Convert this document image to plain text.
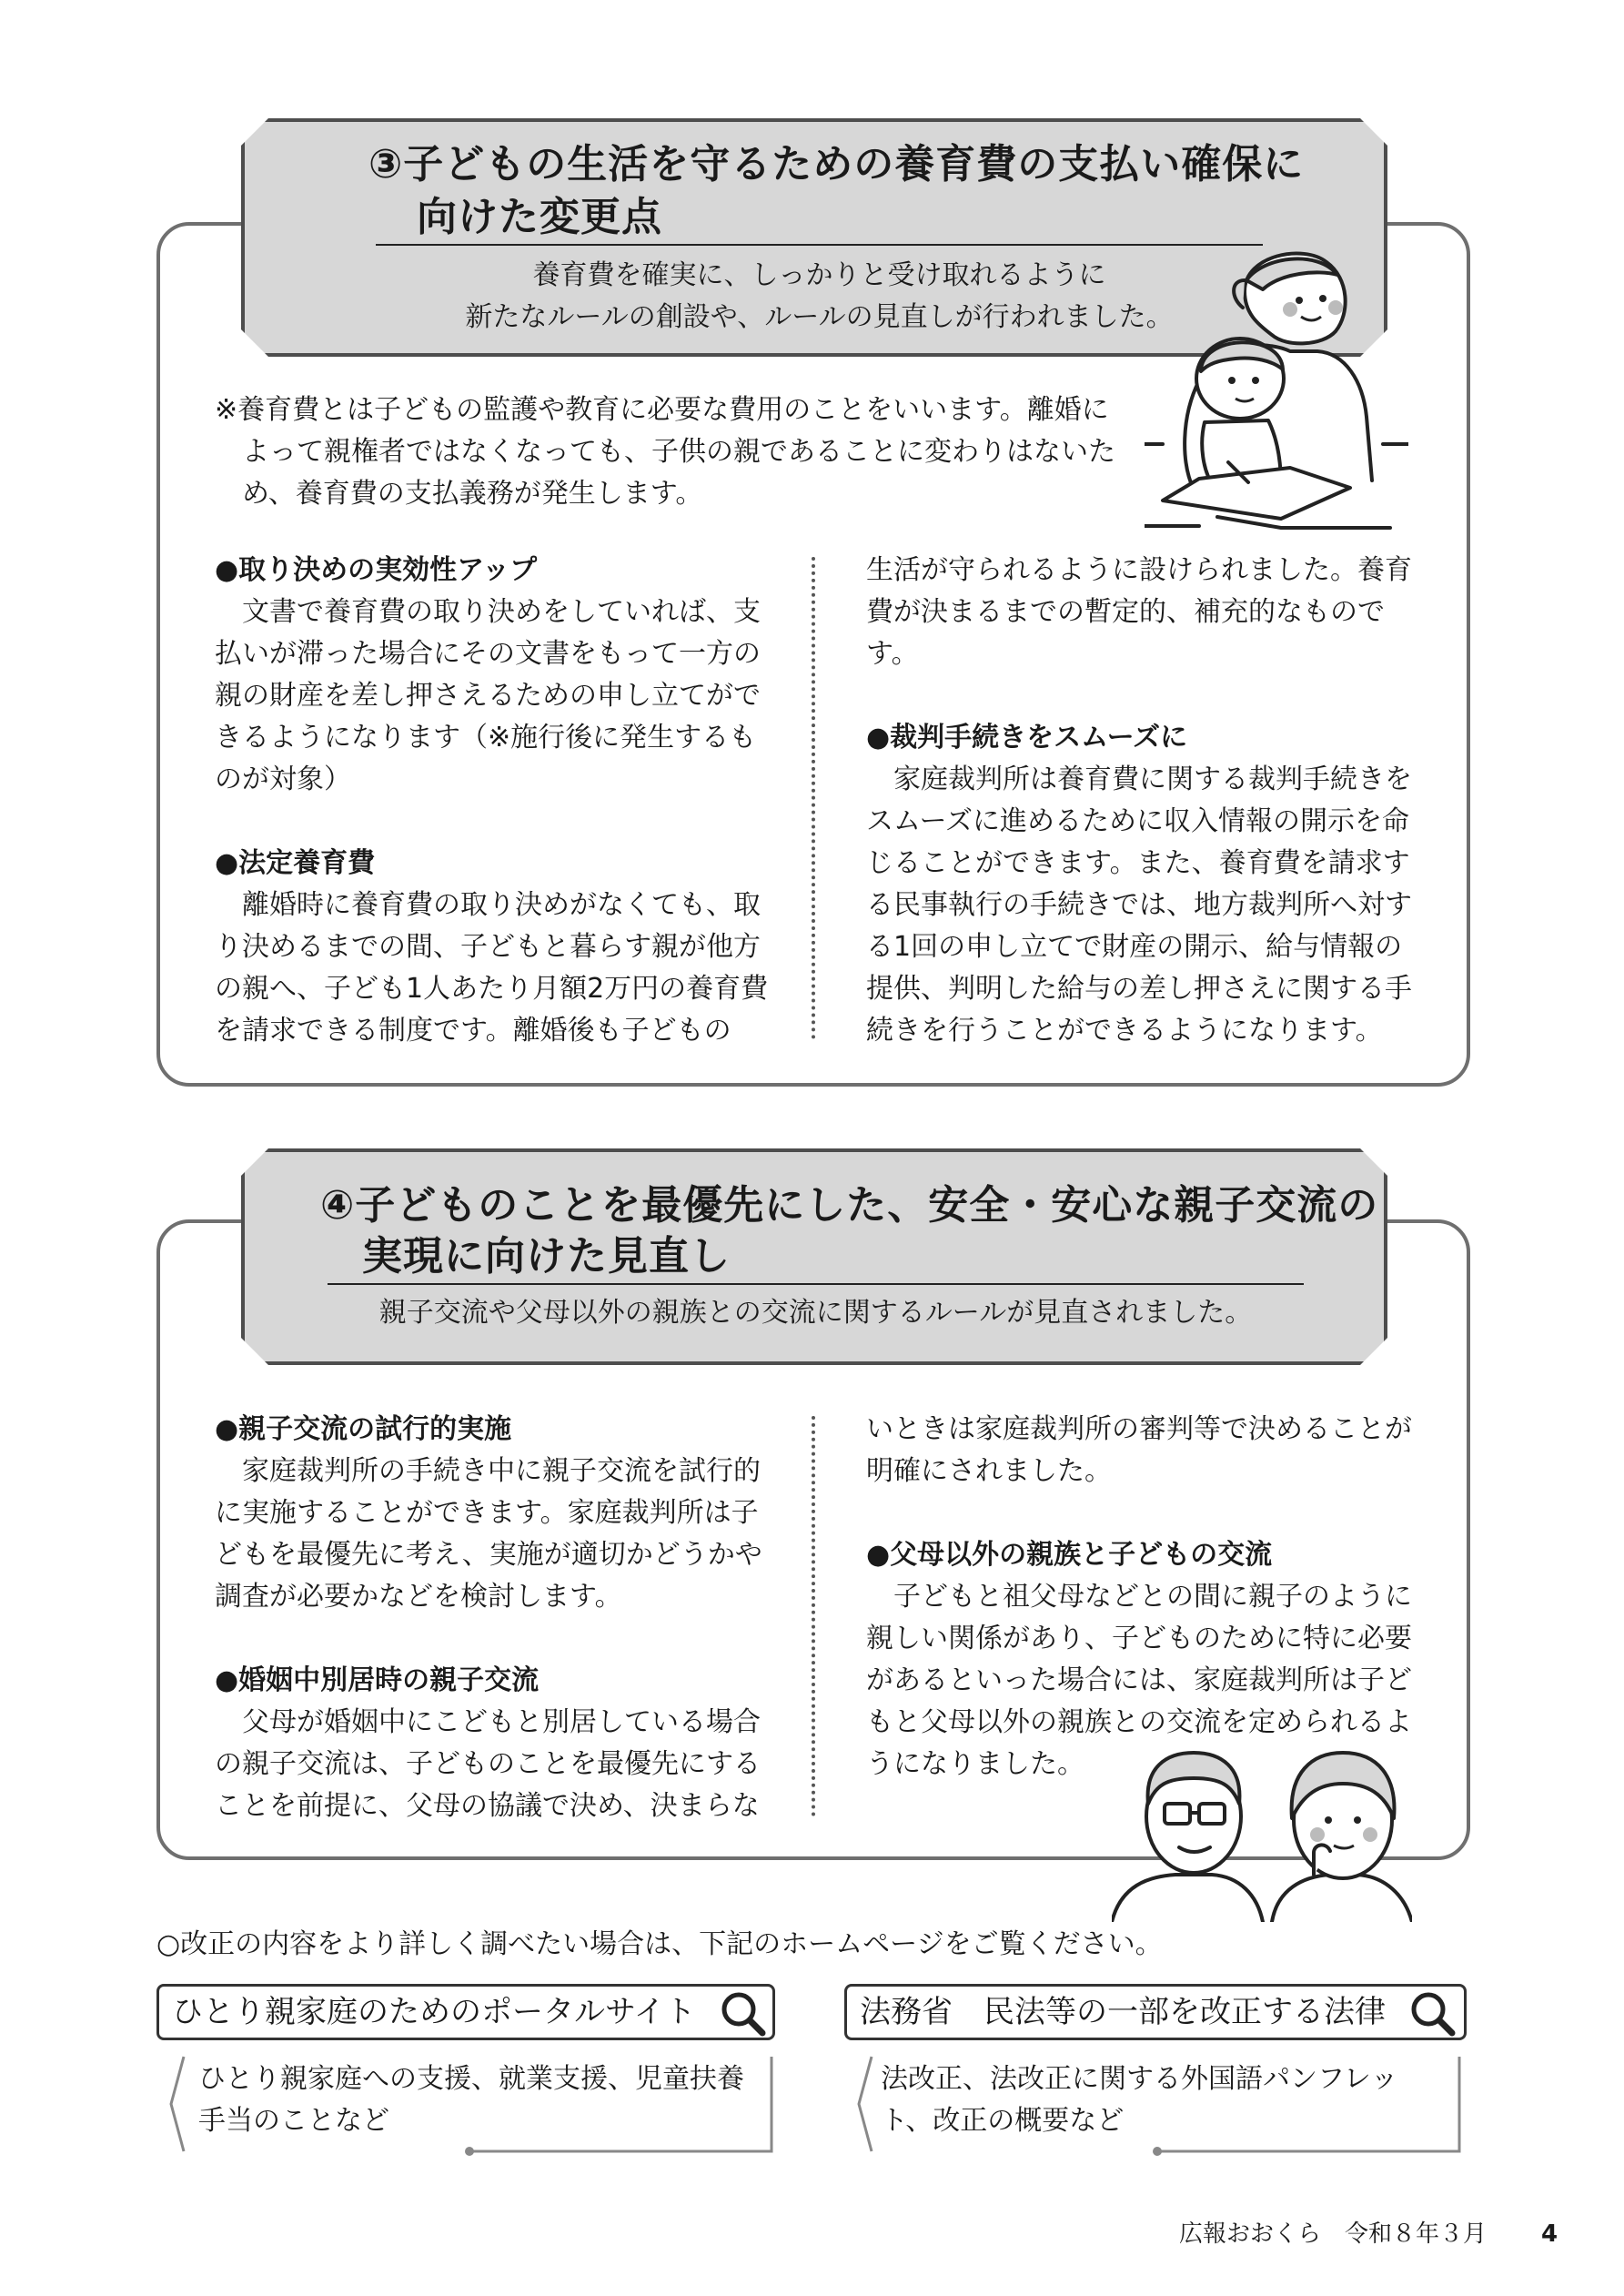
③子どもの生活を守るための養育費の支払い確保に
向けた変更点
養育費を確実に、しっかりと受け取れるように
新たなルールの創設や、ルールの見直しが行われました。
※養育費とは子どもの監護や教育に必要な費用のことをいいます。離婚に
よって親権者ではなくなっても、子供の親であることに変わりはないた
め、養育費の支払義務が発生します。
●取り決めの実効性アップ

文書で養育費の取り決めをしていれば、支払いが滞った場合にその文書をもって一方の親の財産を差し押さえるための申し立てができるようになります（※施行後に発生するものが対象）

●法定養育費

離婚時に養育費の取り決めがなくても、取り決めるまでの間、子どもと暮らす親が他方の親へ、子ども1人あたり月額2万円の養育費を請求できる制度です。離婚後も子どもの

生活が守られるように設けられました。養育費が決まるまでの暫定的、補充的なものです。

●裁判手続きをスムーズに

家庭裁判所は養育費に関する裁判手続きをスムーズに進めるために収入情報の開示を命じることができます。また、養育費を請求する民事執行の手続きでは、地方裁判所へ対する1回の申し立てで財産の開示、給与情報の提供、判明した給与の差し押さえに関する手続きを行うことができるようになります。

④子どものことを最優先にした、安全・安心な親子交流の
実現に向けた見直し
親子交流や父母以外の親族との交流に関するルールが見直されました。
●親子交流の試行的実施

家庭裁判所の手続き中に親子交流を試行的に実施することができます。家庭裁判所は子どもを最優先に考え、実施が適切かどうかや調査が必要かなどを検討します。

●婚姻中別居時の親子交流

父母が婚姻中にこどもと別居している場合の親子交流は、子どものことを最優先にすることを前提に、父母の協議で決め、決まらな

いときは家庭裁判所の審判等で決めることが明確にされました。

●父母以外の親族と子どもの交流

子どもと祖父母などとの間に親子のように親しい関係があり、子どものために特に必要があるといった場合には、家庭裁判所は子どもと父母以外の親族との交流を定められるようになりました。

○改正の内容をより詳しく調べたい場合は、下記のホームページをご覧ください。
ひとり親家庭のためのポータルサイト
ひとり親家庭への支援、就業支援、児童扶養手当のことなど
法務省　民法等の一部を改正する法律
法改正、法改正に関する外国語パンフレット、改正の概要など
広報おおくら　令和８年３月 4
